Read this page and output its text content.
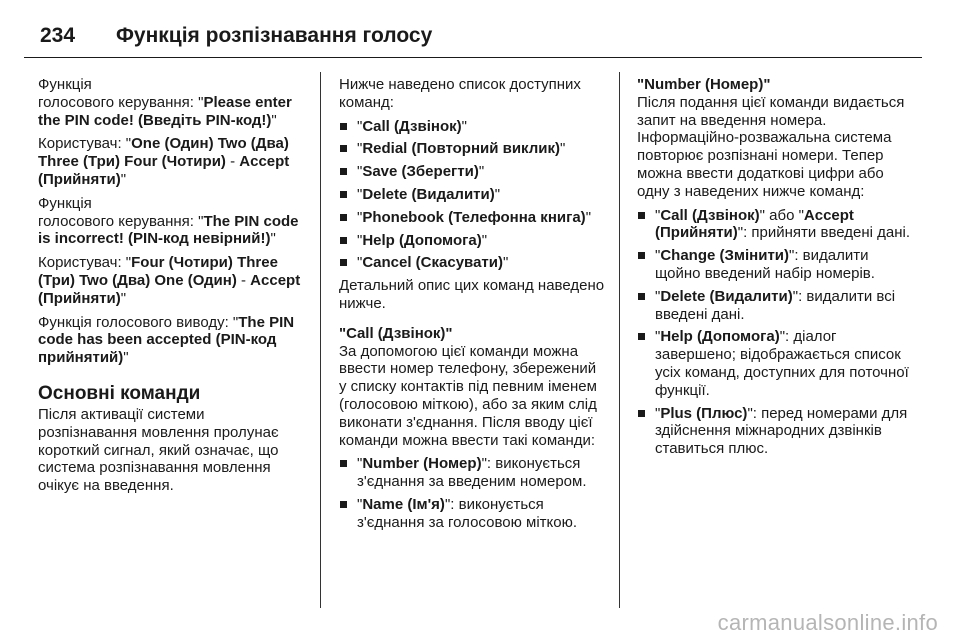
234	Функція розпізнавання голосу

Функція
голосового керування: "Please enter the PIN code! (Введіть PIN-код!)"

Користувач: "One (Один) Two (Два) Three (Три) Four (Чотири) - Accept (Прийняти)"

Функція
голосового керування: "The PIN code is incorrect! (PIN-код невірний!)"

Користувач: "Four (Чотири) Three (Три) Two (Два) One (Один) - Accept (Прийняти)"

Функція голосового виводу: "The PIN code has been accepted (PIN-код прийнятий)"

Основні команди

Після активації системи розпізнавання мовлення пролунає короткий сигнал, який означає, що система розпізнавання мовлення очікує на введення.

Нижче наведено список доступних команд:

"Call (Дзвінок)"
"Redial (Повторний виклик)"
"Save (Зберегти)"
"Delete (Видалити)"
"Phonebook (Телефонна книга)"
"Help (Допомога)"
"Cancel (Скасувати)"

Детальний опис цих команд наведено нижче.

"Call (Дзвінок)"

За допомогою цієї команди можна ввести номер телефону, збережений у списку контактів під певним іменем (голосовою міткою), або за яким слід виконати з'єднання. Після вводу цієї команди можна ввести такі команди:

"Number (Номер)": виконується з'єднання за введеним номером.
"Name (Ім'я)": виконується з'єднання за голосовою міткою.

"Number (Номер)"

Після подання цієї команди видається запит на введення номера. Інформаційно-розважальна система повторює розпізнані номери. Тепер можна ввести додаткові цифри або одну з наведених нижче команд:

"Call (Дзвінок)" або "Accept (Прийняти)": прийняти введені дані.
"Change (Змінити)": видалити щойно введений набір номерів.
"Delete (Видалити)": видалити всі введені дані.
"Help (Допомога)": діалог завершено; відображається список усіх команд, доступних для поточної функції.
"Plus (Плюс)": перед номерами для здійснення міжнародних дзвінків ставиться плюс.
carmanualsonline.info
